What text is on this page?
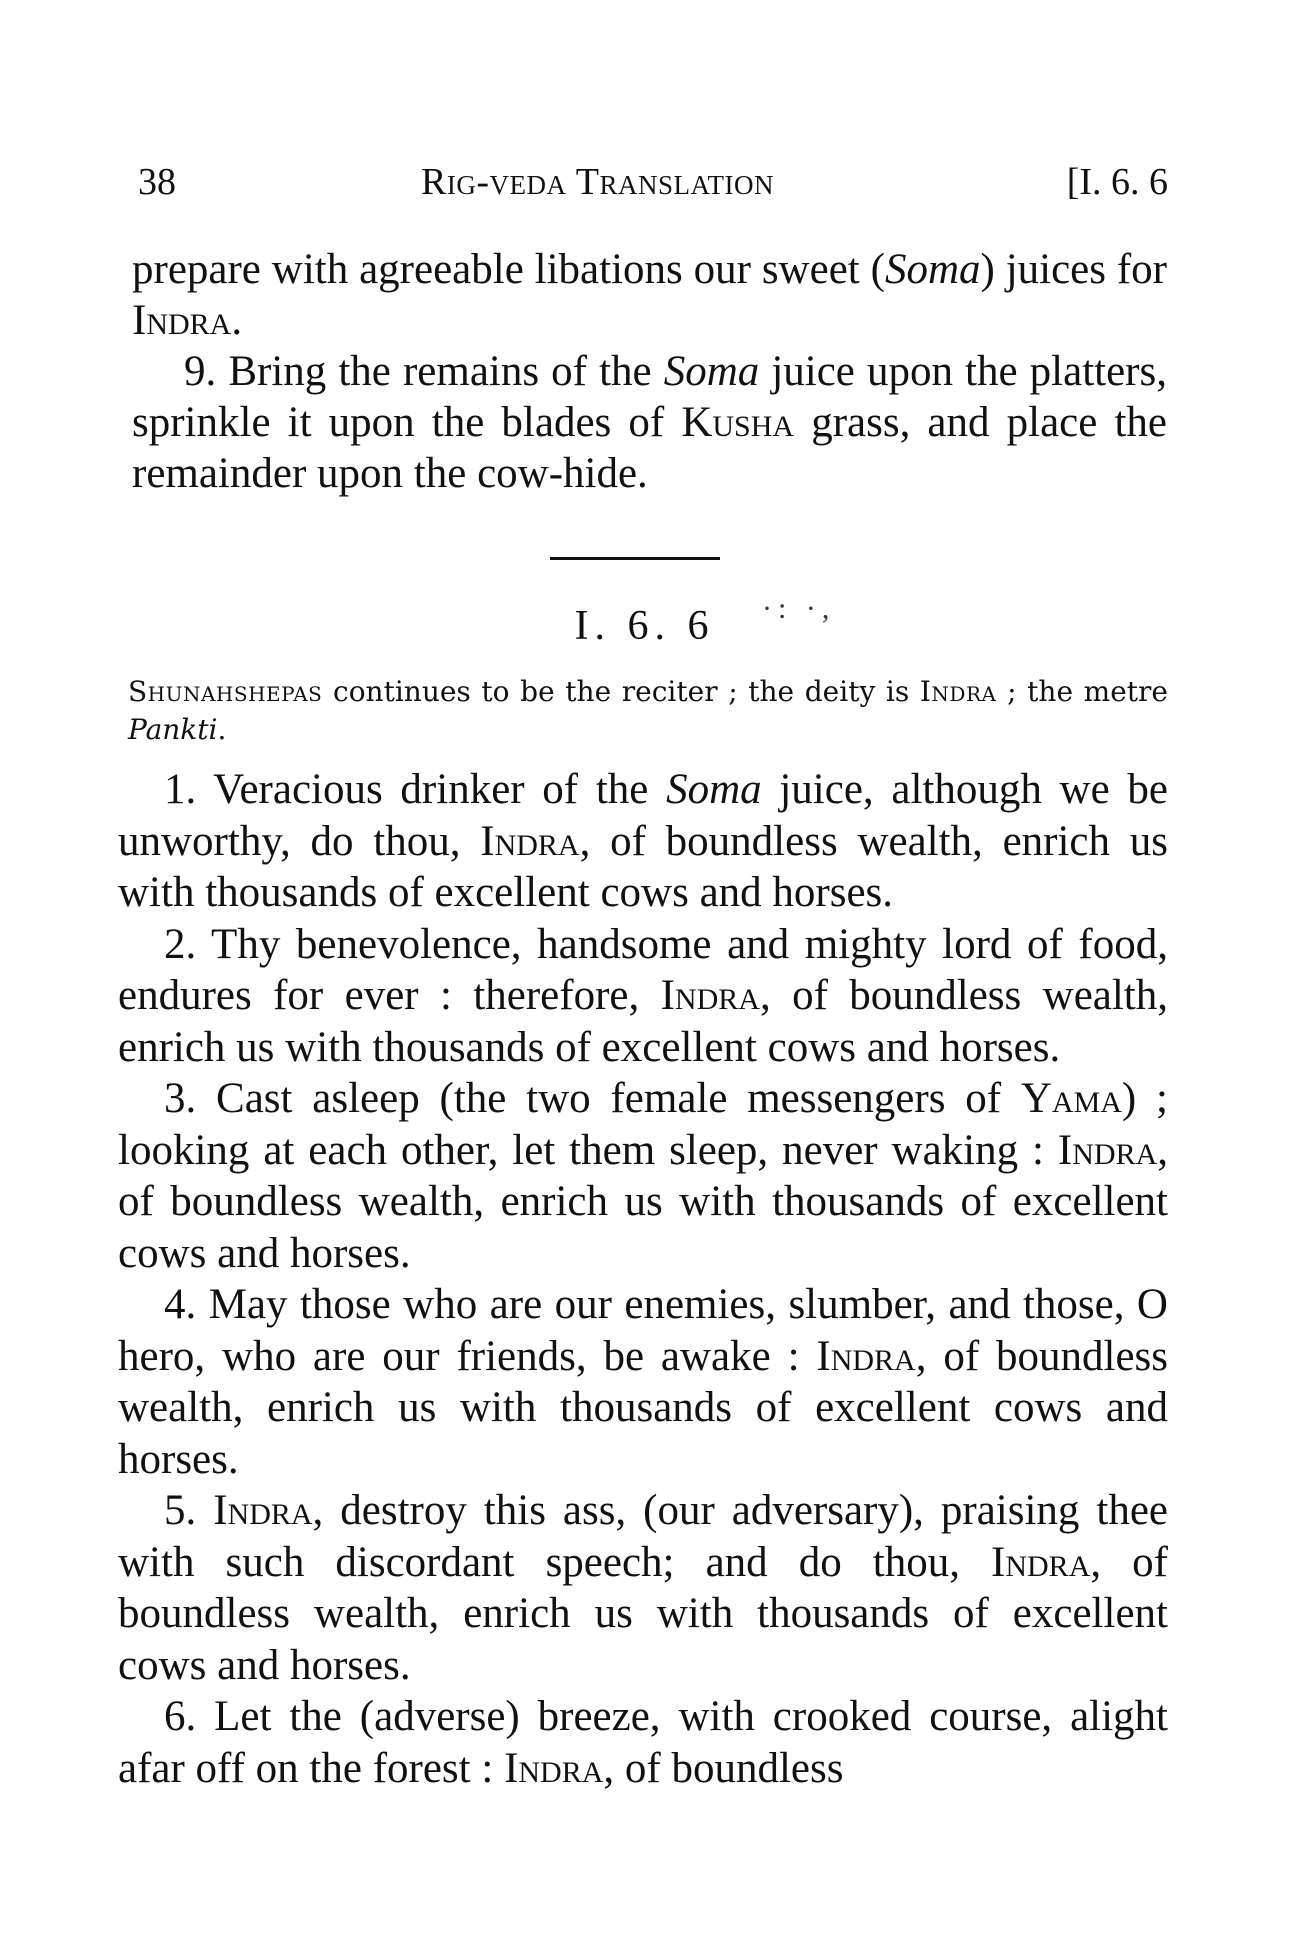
38	Rig-veda Translation	[I. 6. 6

prepare with agreeable libations our sweet (Soma) juices for Indra.

9. Bring the remains of the Soma juice upon the platters, sprinkle it upon the blades of Kusha grass, and place the remainder upon the cow-hide.

I. 6. 6	·: ·,

Shunahshepas continues to be the reciter ; the deity is Indra ; the metre Pankti.

1. Veracious drinker of the Soma juice, although we be unworthy, do thou, Indra, of boundless wealth, enrich us with thousands of excellent cows and horses.

2. Thy benevolence, handsome and mighty lord of food, endures for ever : therefore, Indra, of boundless wealth, enrich us with thousands of excellent cows and horses.

3. Cast asleep (the two female messengers of Yama) ; looking at each other, let them sleep, never waking : Indra, of boundless wealth, enrich us with thousands of excellent cows and horses.

4. May those who are our enemies, slumber, and those, O hero, who are our friends, be awake : Indra, of boundless wealth, enrich us with thousands of excellent cows and horses.

5. Indra, destroy this ass, (our adversary), praising thee with such discordant speech; and do thou, Indra, of boundless wealth, enrich us with thousands of excellent cows and horses.

6. Let the (adverse) breeze, with crooked course, alight afar off on the forest : Indra, of boundless
